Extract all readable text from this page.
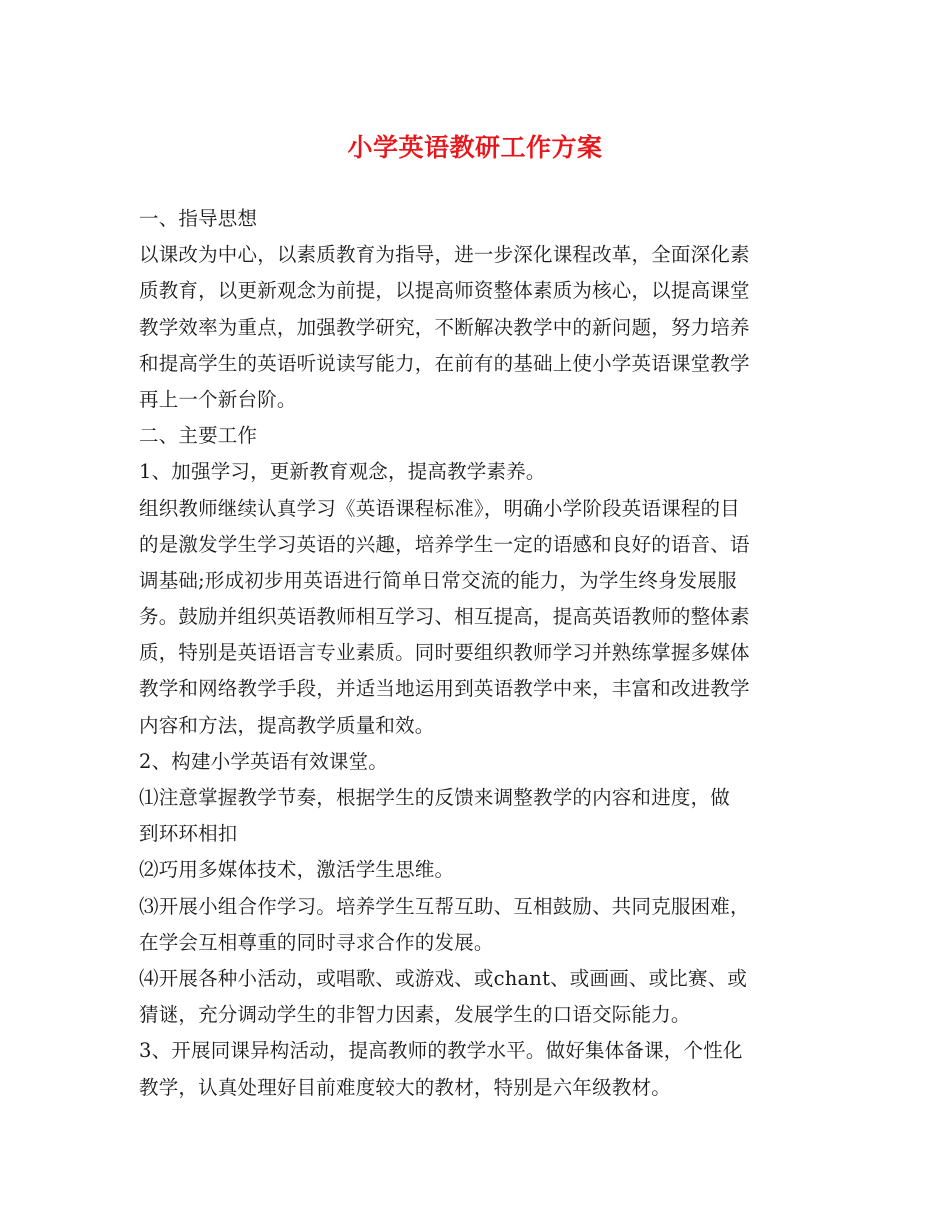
小学英语教研工作方案
一、指导思想
以课改为中心，以素质教育为指导，进一步深化课程改革，全面深化素
质教育，以更新观念为前提，以提高师资整体素质为核心，以提高课堂
教学效率为重点，加强教学研究，不断解决教学中的新问题，努力培养
和提高学生的英语听说读写能力，在前有的基础上使小学英语课堂教学
再上一个新台阶。
二、主要工作
1、加强学习，更新教育观念，提高教学素养。
组织教师继续认真学习《英语课程标准》，明确小学阶段英语课程的目
的是激发学生学习英语的兴趣，培养学生一定的语感和良好的语音、语
调基础;形成初步用英语进行简单日常交流的能力，为学生终身发展服
务。鼓励并组织英语教师相互学习、相互提高，提高英语教师的整体素
质，特别是英语语言专业素质。同时要组织教师学习并熟练掌握多媒体
教学和网络教学手段，并适当地运用到英语教学中来，丰富和改进教学
内容和方法，提高教学质量和效。
2、构建小学英语有效课堂。
⑴注意掌握教学节奏，根据学生的反馈来调整教学的内容和进度，做
到环环相扣
⑵巧用多媒体技术，激活学生思维。
⑶开展小组合作学习。培养学生互帮互助、互相鼓励、共同克服困难，
在学会互相尊重的同时寻求合作的发展。
⑷开展各种小活动，或唱歌、或游戏、或chant、或画画、或比赛、或
猜谜，充分调动学生的非智力因素，发展学生的口语交际能力。
3、开展同课异构活动，提高教师的教学水平。做好集体备课，个性化
教学，认真处理好目前难度较大的教材，特别是六年级教材。
